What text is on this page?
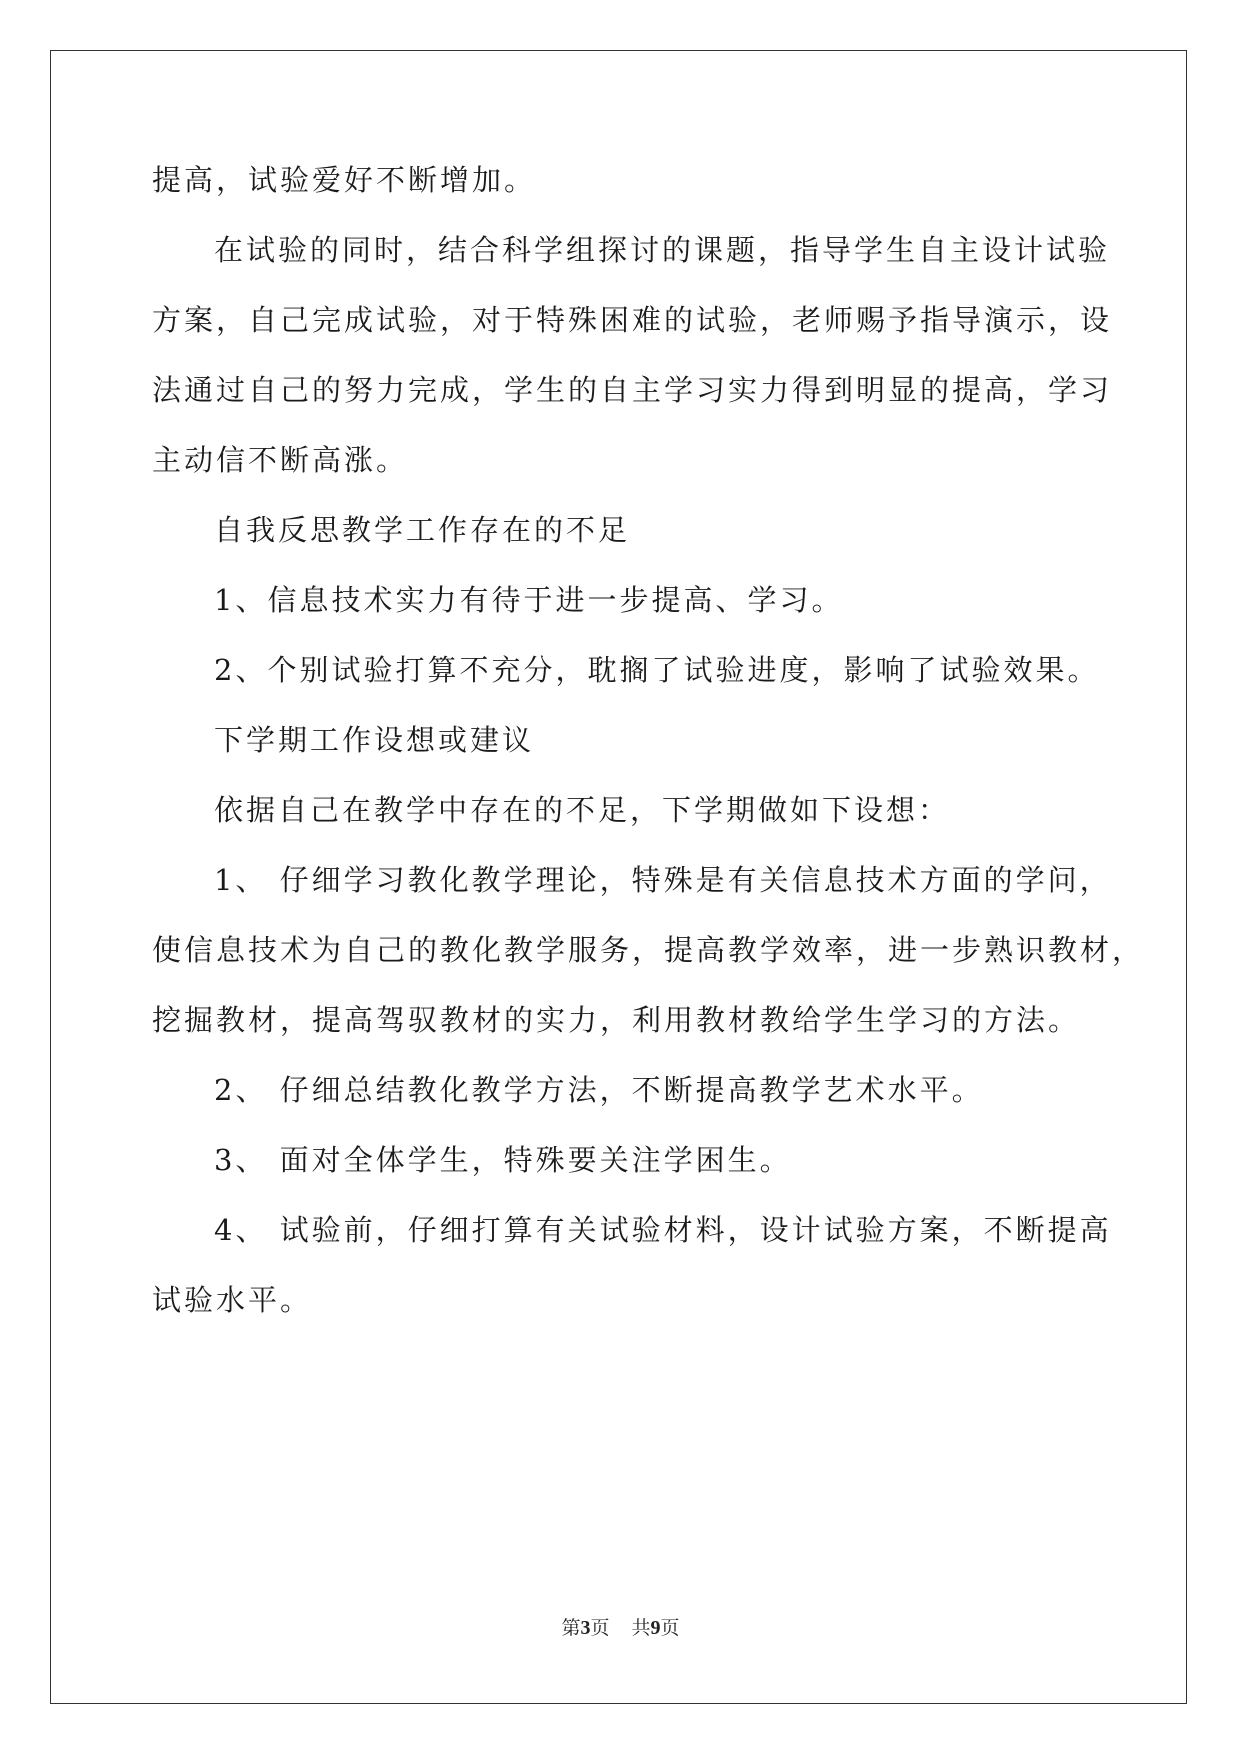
提高，试验爱好不断增加。
在试验的同时，结合科学组探讨的课题，指导学生自主设计试验
方案，自己完成试验，对于特殊困难的试验，老师赐予指导演示，设
法通过自己的努力完成，学生的自主学习实力得到明显的提高，学习
主动信不断高涨。
自我反思教学工作存在的不足
1、信息技术实力有待于进一步提高、学习。
2、个别试验打算不充分，耽搁了试验进度，影响了试验效果。
下学期工作设想或建议
依据自己在教学中存在的不足，下学期做如下设想：
1、 仔细学习教化教学理论，特殊是有关信息技术方面的学问，
使信息技术为自己的教化教学服务，提高教学效率，进一步熟识教材，
挖掘教材，提高驾驭教材的实力，利用教材教给学生学习的方法。
2、 仔细总结教化教学方法，不断提高教学艺术水平。
3、 面对全体学生，特殊要关注学困生。
4、 试验前，仔细打算有关试验材料，设计试验方案，不断提高
试验水平。
第3页 共9页
